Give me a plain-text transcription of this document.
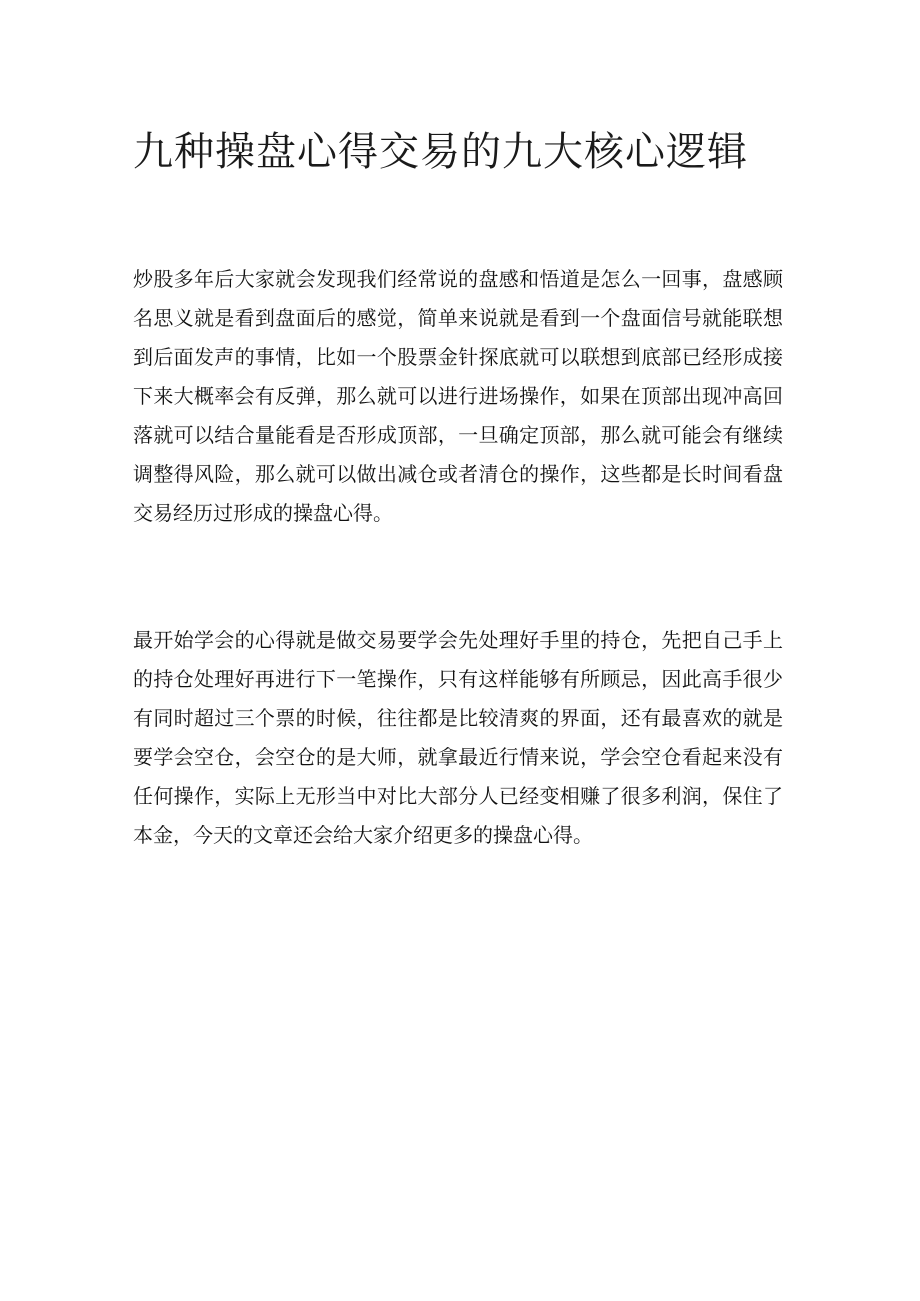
九种操盘心得交易的九大核心逻辑

炒股多年后大家就会发现我们经常说的盘感和悟道是怎么一回事，盘感顾名思义就是看到盘面后的感觉，简单来说就是看到一个盘面信号就能联想到后面发声的事情，比如一个股票金针探底就可以联想到底部已经形成接下来大概率会有反弹，那么就可以进行进场操作，如果在顶部出现冲高回落就可以结合量能看是否形成顶部，一旦确定顶部，那么就可能会有继续调整得风险，那么就可以做出减仓或者清仓的操作，这些都是长时间看盘交易经历过形成的操盘心得。

最开始学会的心得就是做交易要学会先处理好手里的持仓，先把自己手上的持仓处理好再进行下一笔操作，只有这样能够有所顾忌，因此高手很少有同时超过三个票的时候，往往都是比较清爽的界面，还有最喜欢的就是要学会空仓，会空仓的是大师，就拿最近行情来说，学会空仓看起来没有任何操作，实际上无形当中对比大部分人已经变相赚了很多利润，保住了本金，今天的文章还会给大家介绍更多的操盘心得。
